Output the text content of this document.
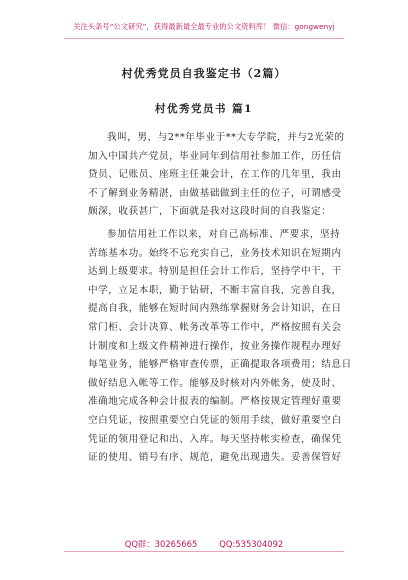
关注头条号“公文研究”，获得最新最全最专业的公文资料库！ 微信：gongwenyj
村优秀党员自我鉴定书（2篇）
村优秀党员书 篇1
我叫，男，与2**年毕业于**大专学院，并与2光荣的
加入中国共产党员，毕业同年到信用社参加工作，历任信
贷员、记账员、座班主任兼会计，在工作的几年里，我由
不了解到业务精湛，由做基础做到主任的位子，可谓感受
颇深，收获甚广，下面就是我对这段时间的自我鉴定：
参加信用社工作以来，对自己高标准、严要求，坚持
苦练基本功。始终不忘充实自己，业务技术知识在短期内
达到上级要求。特别是担任会计工作后，坚持学中干，干
中学，立足本职，勤于钻研，不断丰富自我，完善自我，
提高自我，能够在短时间内熟练掌握财务会计知识，在日
常门柜、会计决算、帐务改革等工作中，严格按照有关会
计制度和上级文件精神进行操作，按业务操作规程办理好
每笔业务，能够严格审查传票，正确提取各项费用；结息日
做好结息入帐等工作。能够及时核对内外帐务，使及时、
准确地完成各种会计报表的编制。严格按规定管理好重要
空白凭证，按照重要空白凭证的领用手续，做好重要空白
凭证的领用登记和出、入库。每天坚持帐实检查，确保凭
证的使用、销号有序、规范，避免出现遗失。妥善保管好
QQ群：30265665	QQ:535304092
